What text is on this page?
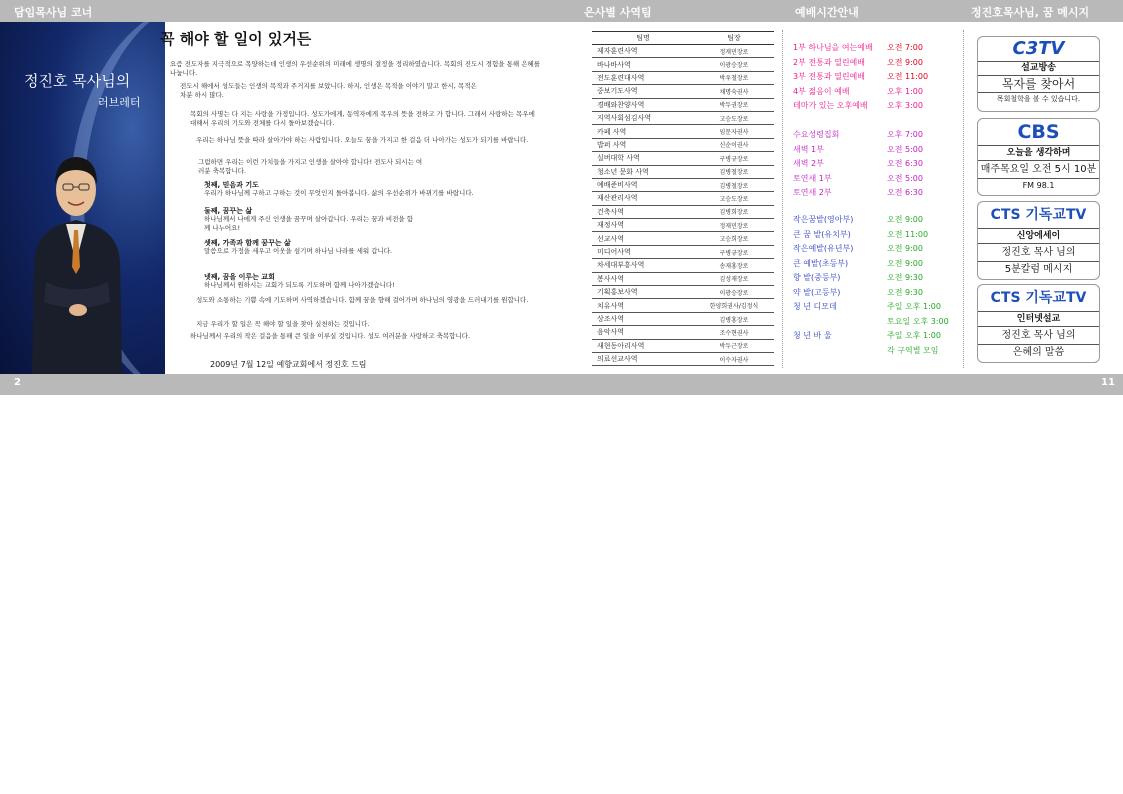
담임목사님 코너	은사별 사역팀	예배시간안내	정진호목사님, 꿈 메시지
2	11
정진호 목사님의
러브레터
꼭 해야 할 일이 있거든
요즘 전도자를 지극적으로 목양하는데 인생의 우선순위의 미래에 생명의 결정을 정리하였습니다. 목회의 진도시 경험을 통해 은혜를 나눕니다.
전도시 해에서 성도들는 인생의 목적과 주거지를 보았니다. 하지, 인생은 목적을 이야기 말고 한시, 목적은 차분 하시 많다.
목회의 사명는 다 지는 사랑을 가정입니다. 성도가에게, 동역자에게 목우의 뜻을 전하고 가 합니다. 그래서 사랑하는 목우에 대해서 우리의 기도와 전체를 다시 돌아보겠습니다.
우리는 하나님 뜻을 따라 살아가야 하는 사람입니다. 오늘도 꿈을 가지고 한 걸음 더 나아가는 성도가 되기를 바랍니다.
그럼하면 우리는 이런 가치들을 가지고 인생을 살아야 합니다! 전도사 되시는 여러분 축복합니다.
첫째, 믿음과 기도
우리가 하나님께 구하고 구하는 것이 무엇인지 돌아봅니다. 삶의 우선순위가 바뀌기를 바랍니다.
둘째, 꿈꾸는 삶
하나님께서 나에게 주신 인생을 꿈꾸며 살아갑니다. 우리는 꿈과 비전을 함께 나누어요!
셋째, 가족과 함께 꿈꾸는 삶
말씀으로 가정을 세우고 이웃을 섬기며 하나님 나라를 세워 갑니다.
넷째, 꿈을 이루는 교회
하나님께서 원하시는 교회가 되도록 기도하며 함께 나아가겠습니다!
성도와 소통하는 기쁨 속에 기도하며 사역하겠습니다. 함께 꿈을 향해 걸어가며 하나님의 영광을 드러내기를 원합니다.
지금 우리가 할 일은 꼭 해야 할 일을 찾아 실천하는 것입니다.
하나님께서 우리의 작은 걸음을 통해 큰 일을 이루실 것입니다. 성도 여러분을 사랑하고 축복합니다.
2009년 7월 12일 예향교회에서 정진호 드림
팀명	팀장
제자훈련사역	정재민장로
바나바사역	이광승장로
전도훈련대사역	박우철장로
중보기도사역	채명숙권사
경배와찬양사역	박두권장로
지역사회섬김사역	고승도장로
카페 사역	임문자권사
밥퍼 사역	신순이권사
실버대학 사역	구병규장로
청소년 문화 사역	김병철장로
예배준비사역	김병철장로
재산관리사역	고승도장로
건축사역	김병희장로
재정사역	정재민장로
선교사역	고승희장로
미디어사역	구병규장로
차세대부흥사역	송재홍장로
봉사사역	김성재장로
기획홍보사역	이광승장로
치유사역	한양희권사/김정식
상조사역	김병홍장로
음악사역	조수현권사
새현동아리사역	박두근장로
의료선교사역	이수자권사
1부 하나님을 여는예배 오전 7:00
2부 전통과 열린예배	오전 9:00
3부 전통과 열린예배	오전 11:00
4부 젊음이 예배	오후 1:00
테마가 있는 오후예배 오후 3:00
수요성령집회	오후 7:00
새벽 1부	오전 5:00
새벽 2부	오전 6:30
토연새 1부	오전 5:00
토연새 2부	오전 6:30
작은꿈밭(영아부)	오전 9:00
큰 꿈 밭(유치부)	오전 11:00
작은예밭(유년부)	오전 9:00
큰 예밭(초등부)	오전 9:00
향 밭(중등부)	오전 9:30
약 밭(고등부)	오전 9:30
청 년 디모데	주일 오후 1:00
토요일 오후 3:00
청 년 바 울	주일 오후 1:00
각 구역별 모임
C3TV
설교방송
목자를 찾아서
목회철학을 볼 수 있습니다.
CBS
오늘을 생각하며
매주목요일 오전 5시 10분
FM 98.1
CTS 기독교TV
신앙에세이
정진호 목사 님의
5분칼럼 메시지
CTS 기독교TV
인터넷설교
정진호 목사 님의
은혜의 말씀
